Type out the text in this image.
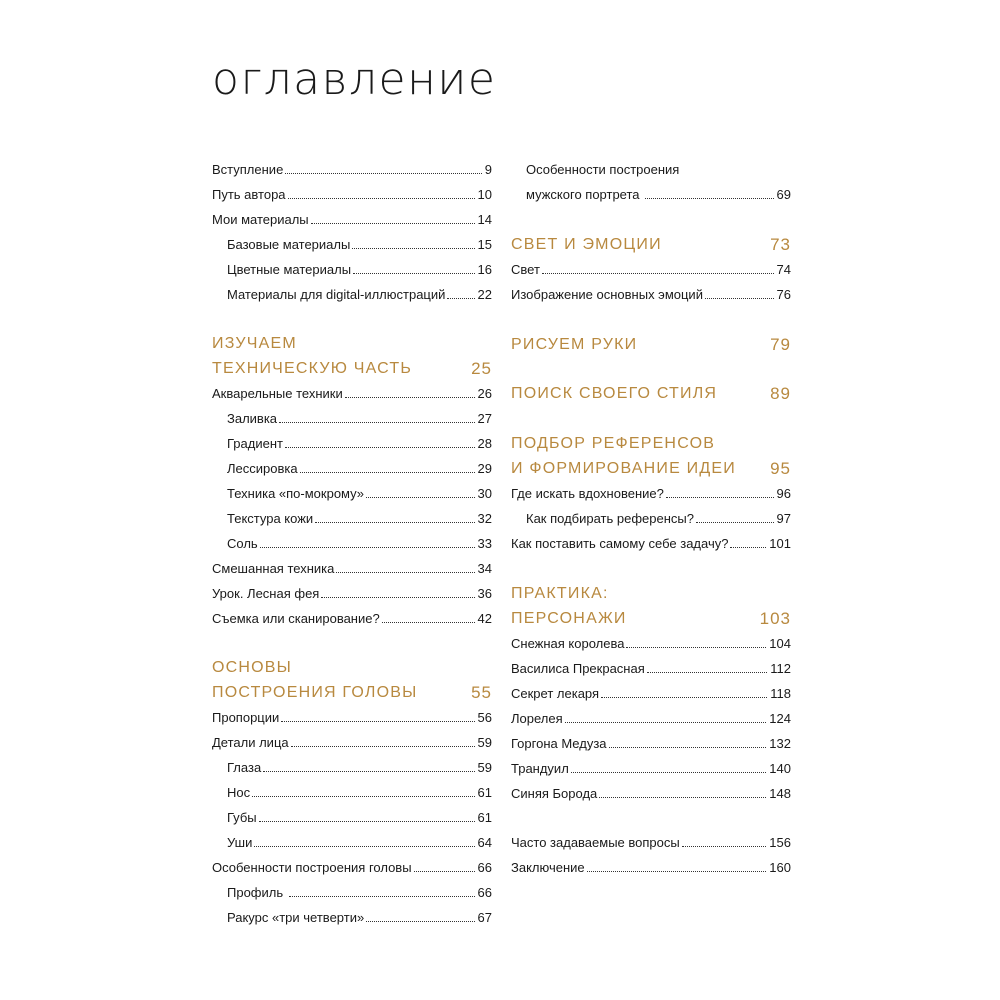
оглавление
Вступление	9
Путь автора	10
Мои материалы	14
Базовые материалы	15
Цветные материалы	16
Материалы для digital-иллюстраций 22
ИЗУЧАЕМ
ТЕХНИЧЕСКУЮ ЧАСТЬ	25
Акварельные техники	26
Заливка	27
Градиент	28
Лессировка	29
Техника «по-мокрому»	30
Текстура кожи	32
Соль	33
Смешанная техника	34
Урок. Лесная фея	36
Съемка или сканирование?	42
ОСНОВЫ
ПОСТРОЕНИЯ ГОЛОВЫ	55
Пропорции	56
Детали лица	59
Глаза	59
Нос	61
Губы	61
Уши	64
Особенности построения головы	66
Профиль	66
Ракурс «три четверти»	67
Особенности построения
мужского портрета	69
СВЕТ И ЭМОЦИИ	73
Свет	74
Изображение основных эмоций	76
РИСУЕМ РУКИ	79
ПОИСК СВОЕГО СТИЛЯ	89
ПОДБОР РЕФЕРЕНСОВ
И ФОРМИРОВАНИЕ ИДЕИ	95
Где искать вдохновение?	96
Как подбирать референсы?	97
Как поставить самому себе задачу?	101
ПРАКТИКА:
ПЕРСОНАЖИ	103
Снежная королева	104
Василиса Прекрасная	112
Секрет лекаря	118
Лорелея	124
Горгона Медуза	132
Трандуил	140
Синяя Борода	148
Часто задаваемые вопросы	156
Заключение	160
